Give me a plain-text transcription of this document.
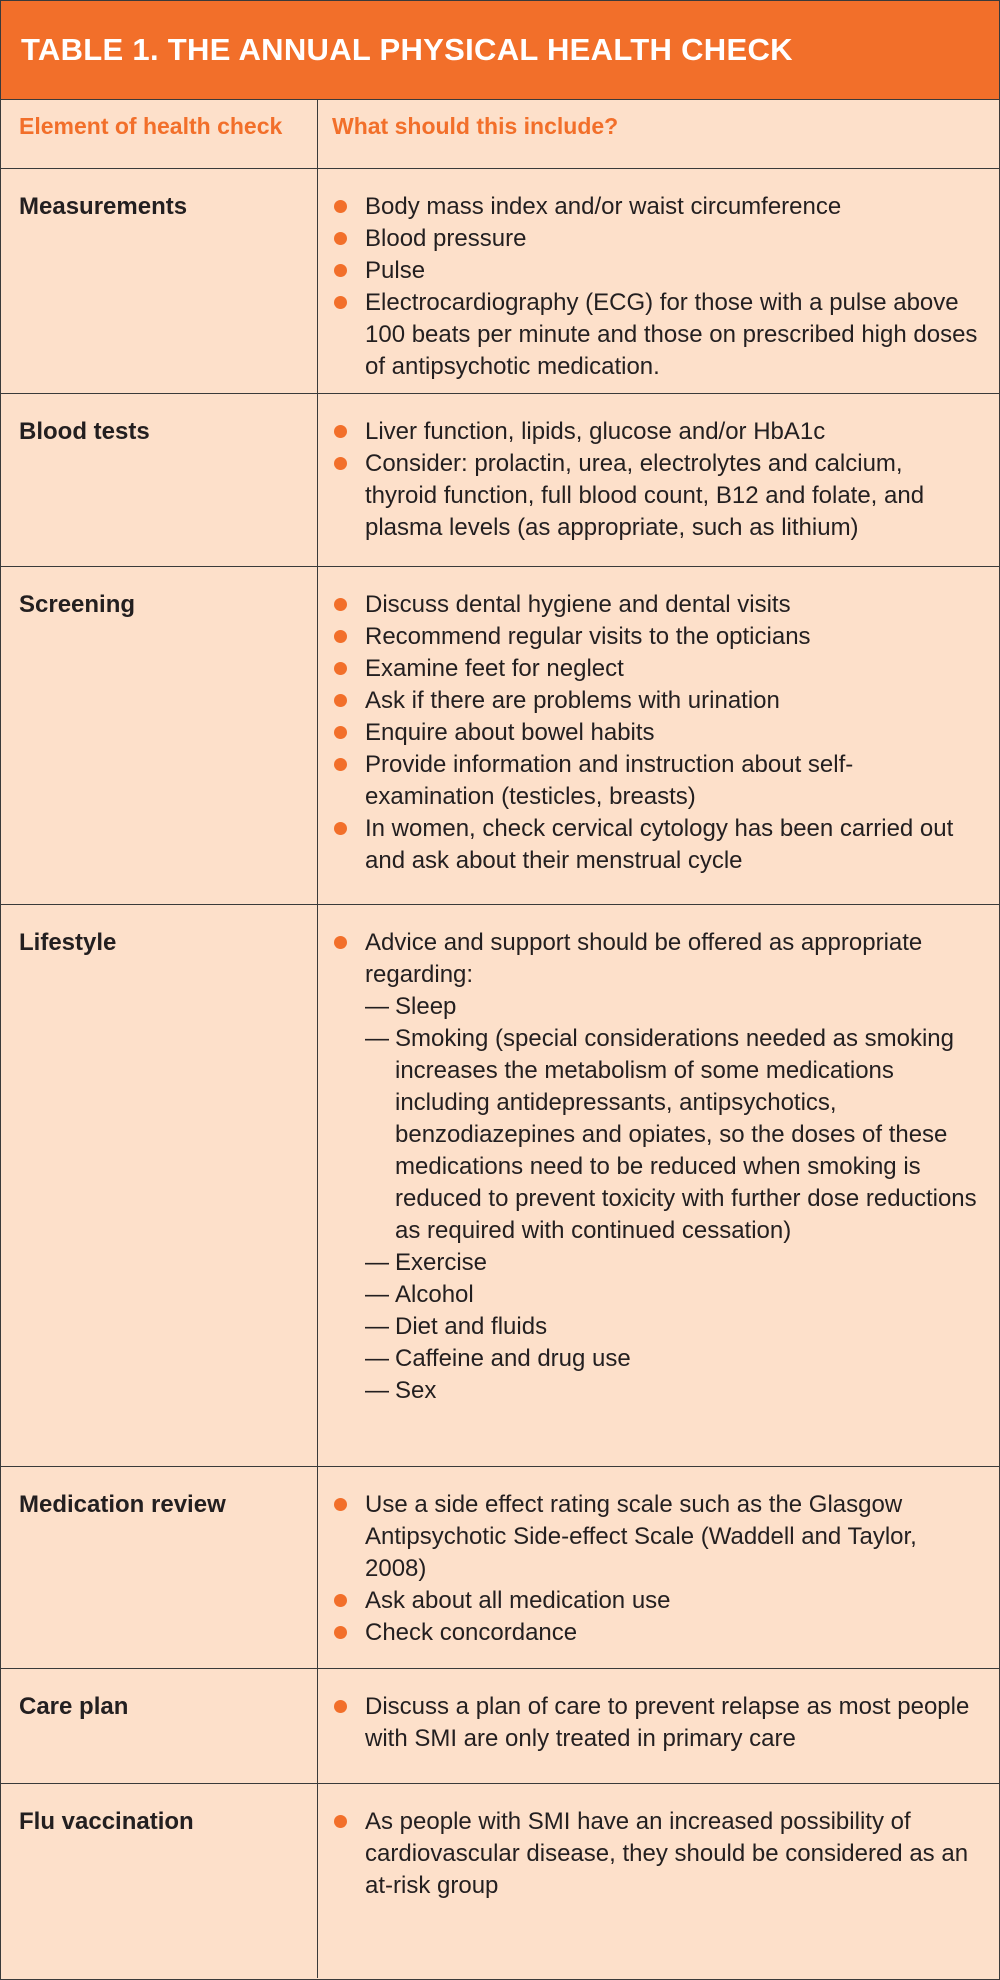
TABLE 1. THE ANNUAL PHYSICAL HEALTH CHECK
Element of health check	What should this include?
Measurements	Body mass index and/or waist circumference
Blood pressure
Pulse
Electrocardiography (ECG) for those with a pulse above 100 beats per minute and those on prescribed high doses of antipsychotic medication.
Blood tests	Liver function, lipids, glucose and/or HbA1c
Consider: prolactin, urea, electrolytes and calcium, thyroid function, full blood count, B12 and folate, and plasma levels (as appropriate, such as lithium)
Screening	Discuss dental hygiene and dental visits
Recommend regular visits to the opticians
Examine feet for neglect
Ask if there are problems with urination
Enquire about bowel habits
Provide information and instruction about self-examination (testicles, breasts)
In women, check cervical cytology has been carried out and ask about their menstrual cycle
Lifestyle	Advice and support should be offered as appropriate regarding:
— Sleep
— Smoking (special considerations needed as smoking increases the metabolism of some medications including antidepressants, antipsychotics, benzodiazepines and opiates, so the doses of these medications need to be reduced when smoking is reduced to prevent toxicity with further dose reductions as required with continued cessation)
— Exercise
— Alcohol
— Diet and fluids
— Caffeine and drug use
— Sex
Medication review	Use a side effect rating scale such as the Glasgow Antipsychotic Side-effect Scale (Waddell and Taylor, 2008)
Ask about all medication use
Check concordance
Care plan	Discuss a plan of care to prevent relapse as most people with SMI are only treated in primary care
Flu vaccination	As people with SMI have an increased possibility of cardiovascular disease, they should be considered as an at-risk group
